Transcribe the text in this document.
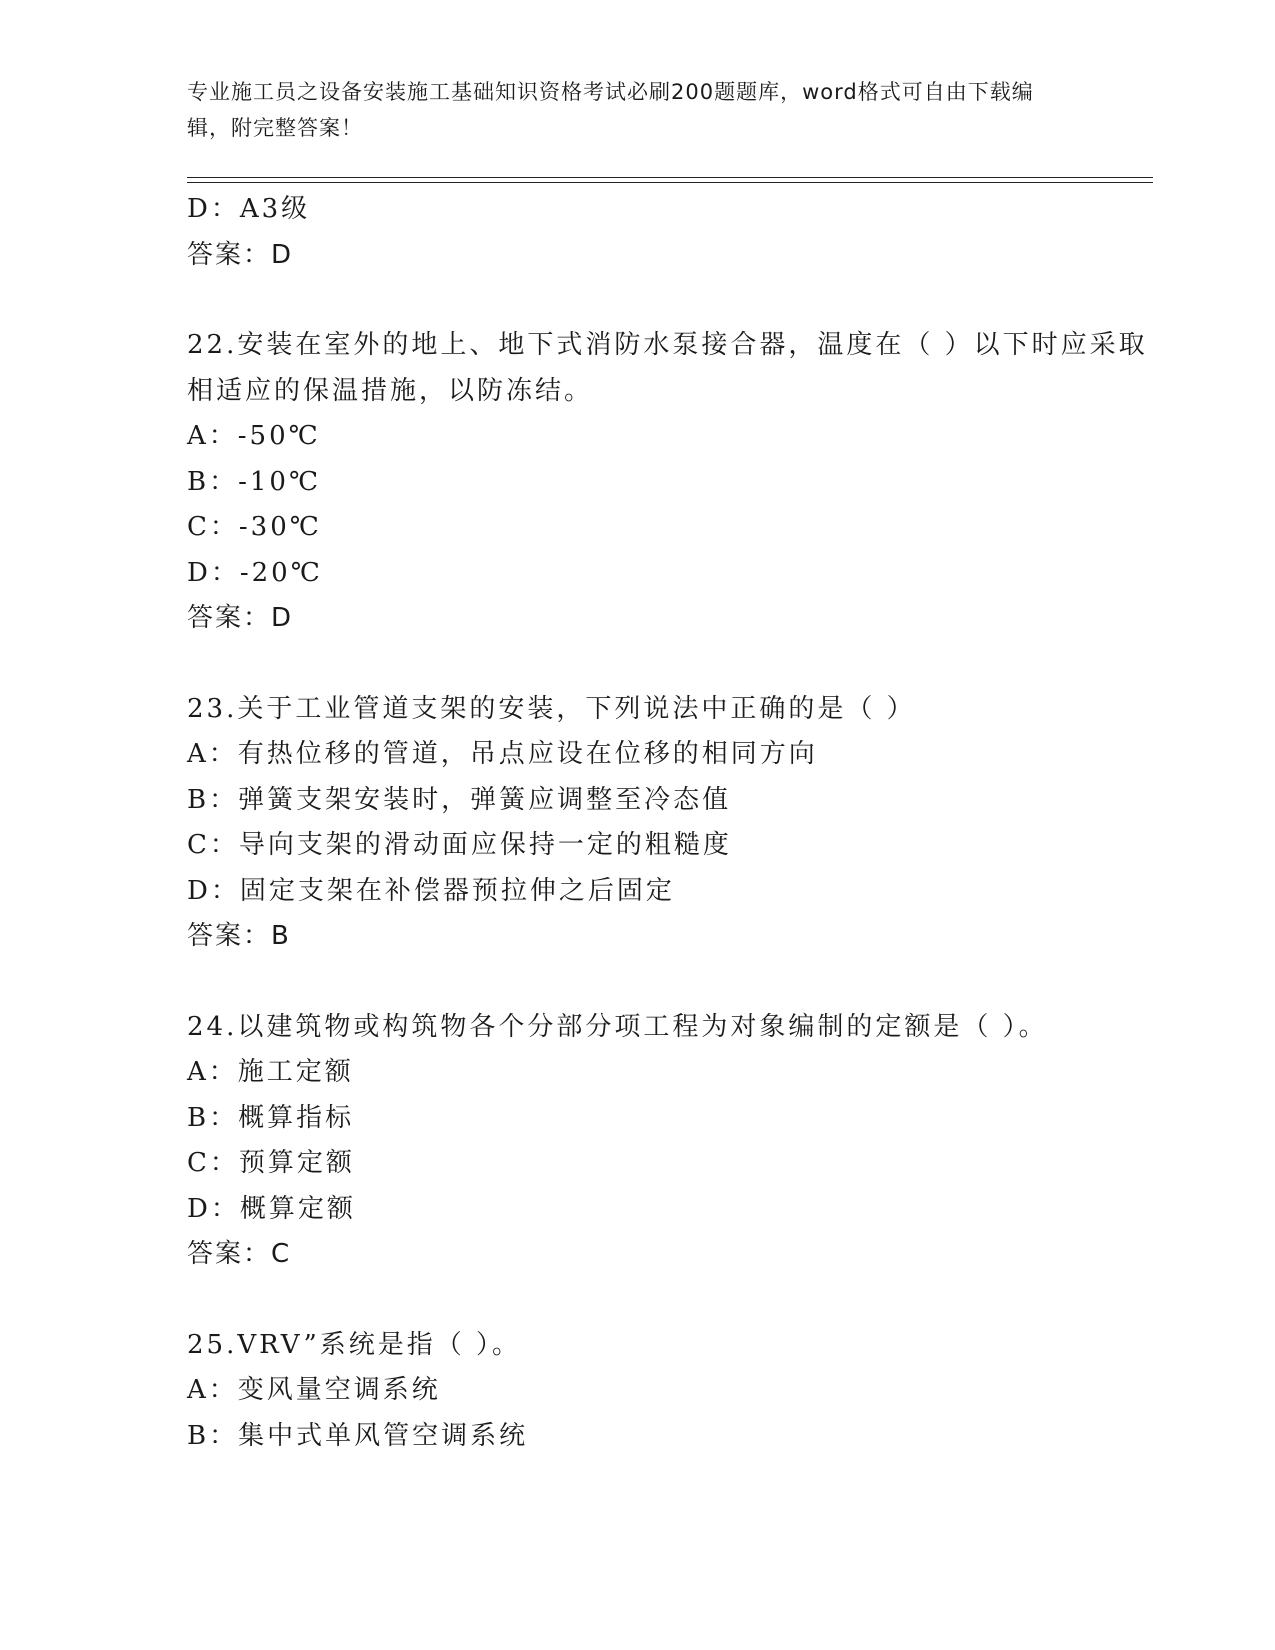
专业施工员之设备安装施工基础知识资格考试必刷200题题库，word格式可自由下载编辑，附完整答案！
D：A3级
答案：D
22.安装在室外的地上、地下式消防水泵接合器，温度在（ ）以下时应采取相适应的保温措施，以防冻结。
A：-50℃
B：-10℃
C：-30℃
D：-20℃
答案：D
23.关于工业管道支架的安装，下列说法中正确的是（ ）
A：有热位移的管道，吊点应设在位移的相同方向
B：弹簧支架安装时，弹簧应调整至冷态值
C：导向支架的滑动面应保持一定的粗糙度
D：固定支架在补偿器预拉伸之后固定
答案：B
24.以建筑物或构筑物各个分部分项工程为对象编制的定额是（ ）。
A：施工定额
B：概算指标
C：预算定额
D：概算定额
答案：C
25.VRV”系统是指（ ）。
A：变风量空调系统
B：集中式单风管空调系统
